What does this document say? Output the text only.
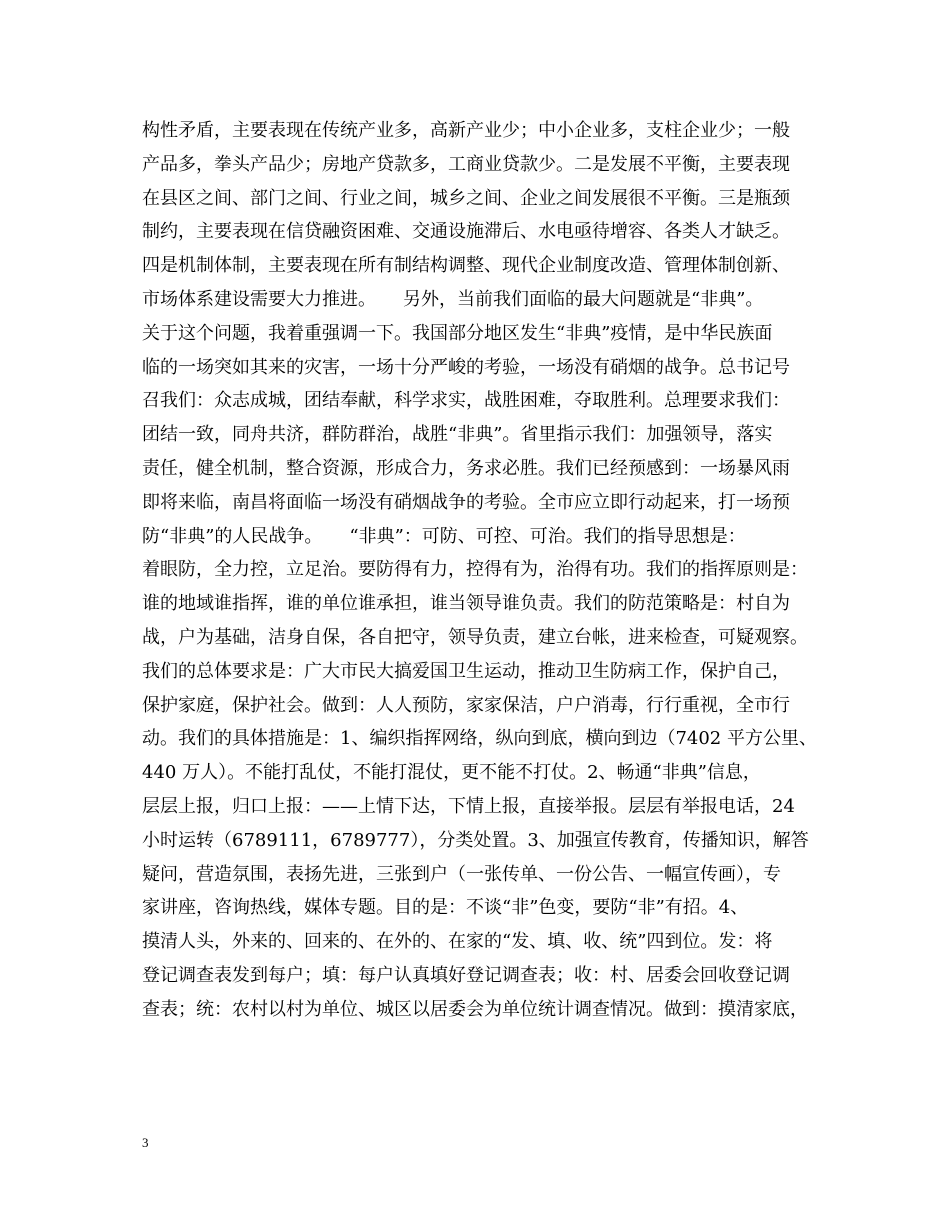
构性矛盾，主要表现在传统产业多，高新产业少；中小企业多，支柱企业少；一般
产品多，拳头产品少；房地产贷款多，工商业贷款少。二是发展不平衡，主要表现
在县区之间、部门之间、行业之间，城乡之间、企业之间发展很不平衡。三是瓶颈
制约，主要表现在信贷融资困难、交通设施滞后、水电亟待增容、各类人才缺乏。
四是机制体制，主要表现在所有制结构调整、现代企业制度改造、管理体制创新、
市场体系建设需要大力推进。　　另外，当前我们面临的最大问题就是“非典”。
关于这个问题，我着重强调一下。我国部分地区发生“非典”疫情，是中华民族面
临的一场突如其来的灾害，一场十分严峻的考验，一场没有硝烟的战争。总书记号
召我们：众志成城，团结奉献，科学求实，战胜困难，夺取胜利。总理要求我们：
团结一致，同舟共济，群防群治，战胜“非典”。省里指示我们：加强领导，落实
责任，健全机制，整合资源，形成合力，务求必胜。我们已经预感到：一场暴风雨
即将来临，南昌将面临一场没有硝烟战争的考验。全市应立即行动起来，打一场预
防“非典”的人民战争。　　“非典”：可防、可控、可治。我们的指导思想是：
着眼防，全力控，立足治。要防得有力，控得有为，治得有功。我们的指挥原则是：
谁的地域谁指挥，谁的单位谁承担，谁当领导谁负责。我们的防范策略是：村自为
战，户为基础，洁身自保，各自把守，领导负责，建立台帐，进来检查，可疑观察。
我们的总体要求是：广大市民大搞爱国卫生运动，推动卫生防病工作，保护自己，
保护家庭，保护社会。做到：人人预防，家家保洁，户户消毒，行行重视，全市行
动。我们的具体措施是：1、编织指挥网络，纵向到底，横向到边（7402 平方公里、
440 万人）。不能打乱仗，不能打混仗，更不能不打仗。2、畅通“非典”信息，
层层上报，归口上报：——上情下达，下情上报，直接举报。层层有举报电话，24
小时运转（6789111，6789777），分类处置。3、加强宣传教育，传播知识，解答
疑问，营造氛围，表扬先进，三张到户（一张传单、一份公告、一幅宣传画），专
家讲座，咨询热线，媒体专题。目的是：不谈“非”色变，要防“非”有招。4、
摸清人头，外来的、回来的、在外的、在家的“发、填、收、统”四到位。发：将
登记调查表发到每户；填：每户认真填好登记调查表；收：村、居委会回收登记调
查表；统：农村以村为单位、城区以居委会为单位统计调查情况。做到：摸清家底，
3
